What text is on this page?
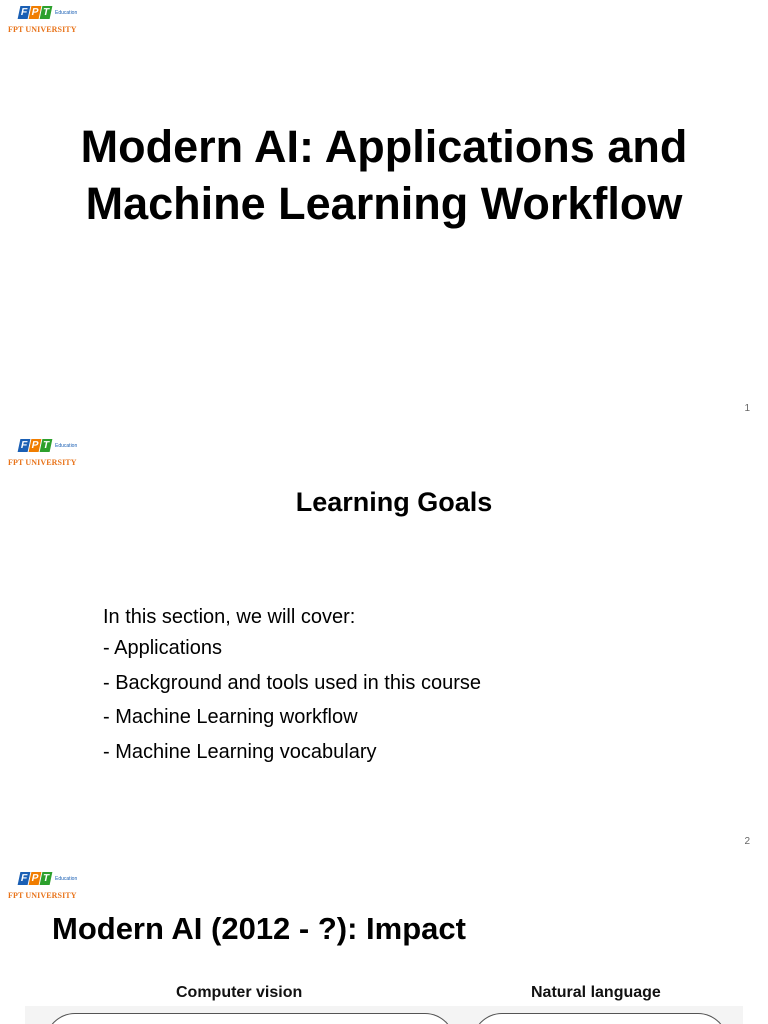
F P T Education
FPT UNIVERSITY
Modern AI: Applications and
Machine Learning Workflow
1
F P T Education
FPT UNIVERSITY
Learning Goals
In this section, we will cover:
- Applications
- Background and tools used in this course
- Machine Learning workflow
- Machine Learning vocabulary
2
F P T Education
FPT UNIVERSITY
Modern AI (2012 - ?): Impact
Computer vision	Natural language
